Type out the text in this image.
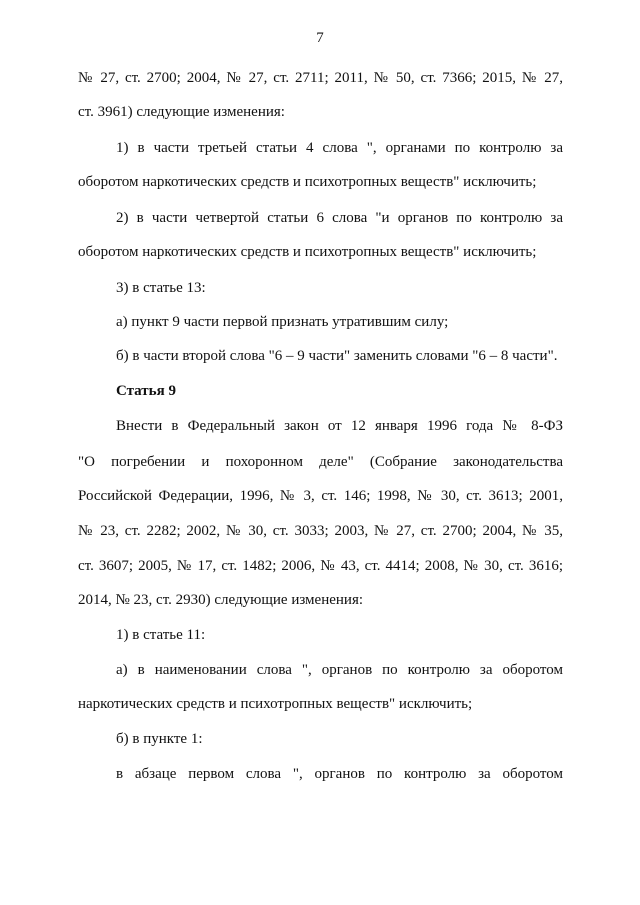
7
№ 27, ст. 2700; 2004, № 27, ст. 2711; 2011, № 50, ст. 7366; 2015, № 27,
ст. 3961) следующие изменения:
1) в части третьей статьи 4 слова ", органами по контролю за
оборотом наркотических средств и психотропных веществ" исключить;
2) в части четвертой статьи 6 слова "и органов по контролю за
оборотом наркотических средств и психотропных веществ" исключить;
3) в статье 13:
а) пункт 9 части первой признать утратившим силу;
б) в части второй слова "6 – 9 части" заменить словами "6 – 8 части".
Статья 9
Внести в Федеральный закон от 12 января 1996 года № 8-ФЗ
"О погребении и похоронном деле" (Собрание законодательства
Российской Федерации, 1996, № 3, ст. 146; 1998, № 30, ст. 3613; 2001,
№ 23, ст. 2282; 2002, № 30, ст. 3033; 2003, № 27, ст. 2700; 2004, № 35,
ст. 3607; 2005, № 17, ст. 1482; 2006, № 43, ст. 4414; 2008, № 30, ст. 3616;
2014, № 23, ст. 2930) следующие изменения:
1) в статье 11:
а) в наименовании слова ", органов по контролю за оборотом
наркотических средств и психотропных веществ" исключить;
б) в пункте 1:
в абзаце первом слова ", органов по контролю за оборотом
